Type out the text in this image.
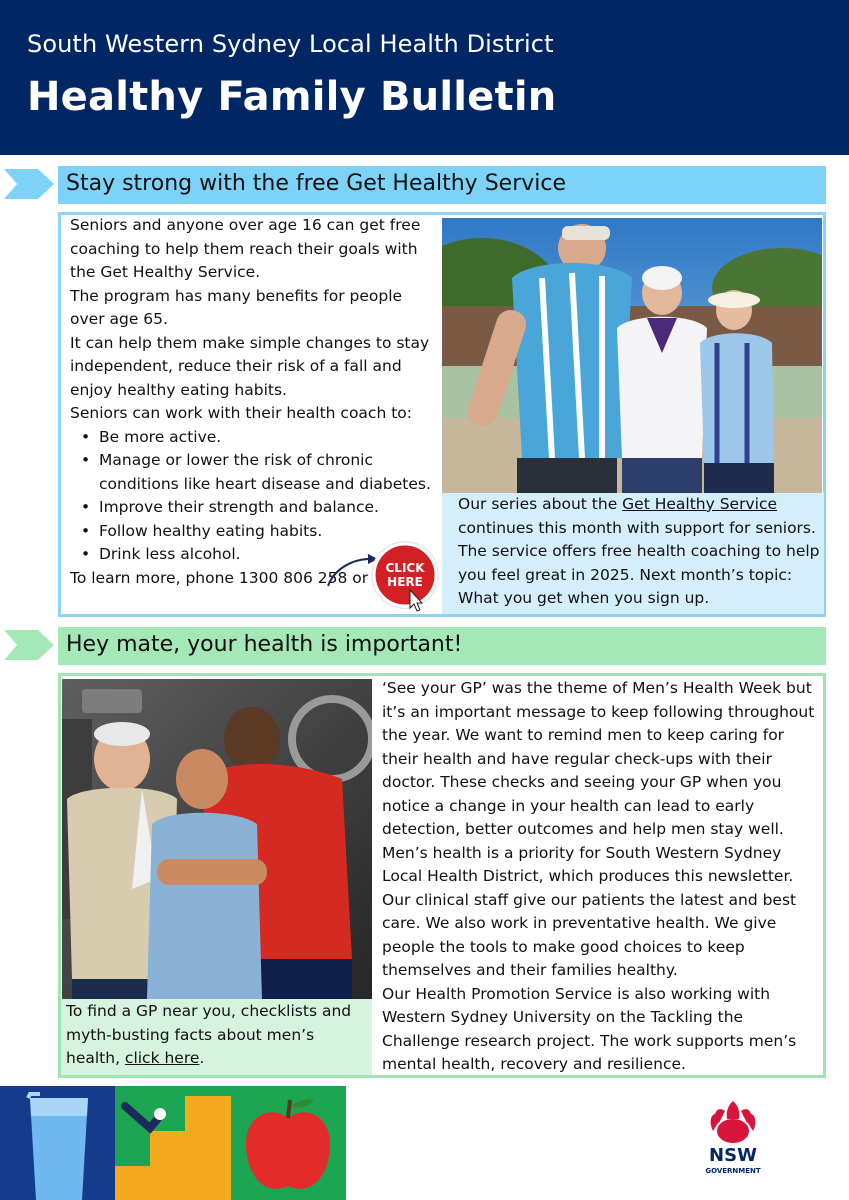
South Western Sydney Local Health District
Healthy Family Bulletin
Stay strong with the free Get Healthy Service

Seniors and anyone over age 16 can get free coaching to help them reach their goals with the Get Healthy Service.

The program has many benefits for people over age 65.

It can help them make simple changes to stay independent, reduce their risk of a fall and enjoy healthy eating habits.

Seniors can work with their health coach to:

• Be more active.
• Manage or lower the risk of chronic conditions like heart disease and diabetes.
• Improve their strength and balance.
• Follow healthy eating habits.
• Drink less alcohol.

To learn more, phone 1300 806 258 or

CLICK
HERE
Our series about the Get Healthy Service continues this month with support for seniors. The service offers free health coaching to help you feel great in 2025. Next month’s topic: What you get when you sign up.
Hey mate, your health is important!
To find a GP near you, checklists and myth-busting facts about men’s health, click here.

‘See your GP’ was the theme of Men’s Health Week but it’s an important message to keep following throughout the year. We want to remind men to keep caring for their health and have regular check-ups with their doctor. These checks and seeing your GP when you notice a change in your health can lead to early detection, better outcomes and help men stay well.

Men’s health is a priority for South Western Sydney Local Health District, which produces this newsletter. Our clinical staff give our patients the latest and best care. We also work in preventative health. We give people the tools to make good choices to keep themselves and their families healthy.

Our Health Promotion Service is also working with Western Sydney University on the Tackling the Challenge research project. The work supports men’s mental health, recovery and resilience.

NSW
GOVERNMENT
